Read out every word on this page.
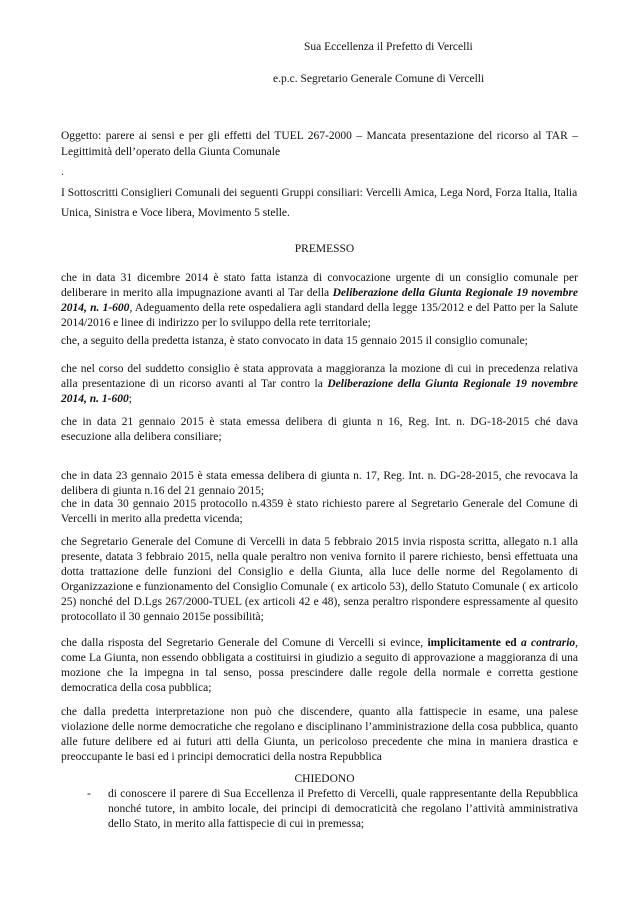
Sua Eccellenza il Prefetto di Vercelli

e.p.c. Segretario Generale Comune di Vercelli

Oggetto: parere ai sensi e per gli effetti del TUEL 267-2000 – Mancata presentazione del ricorso al TAR – Legittimità dell’operato della Giunta Comunale

.

I Sottoscritti Consiglieri Comunali dei seguenti Gruppi consiliari: Vercelli Amica, Lega Nord, Forza Italia, Italia Unica, Sinistra e Voce libera, Movimento 5 stelle.

PREMESSO

che in data 31 dicembre 2014 è stato fatta istanza di convocazione urgente di un consiglio comunale per deliberare in merito alla impugnazione avanti al Tar della Deliberazione della Giunta Regionale 19 novembre 2014, n. 1-600, Adeguamento della rete ospedaliera agli standard della legge 135/2012 e del Patto per la Salute 2014/2016 e linee di indirizzo per lo sviluppo della rete territoriale;

che, a seguito della predetta istanza, è stato convocato in data 15 gennaio 2015 il consiglio comunale;

che nel corso del suddetto consiglio è stata approvata a maggioranza la mozione di cui in precedenza relativa alla presentazione di un ricorso avanti al Tar contro la Deliberazione della Giunta Regionale 19 novembre 2014, n. 1-600;

che in data 21 gennaio 2015 è stata emessa delibera di giunta n 16, Reg. Int. n. DG-18-2015 ché dava esecuzione alla delibera consiliare;

che in data 23 gennaio 2015 è stata emessa delibera di giunta n. 17, Reg. Int. n. DG-28-2015, che revocava la delibera di giunta n.16 del 21 gennaio 2015;

che in data 30 gennaio 2015 protocollo n.4359 è stato richiesto parere al Segretario Generale del Comune di Vercelli in merito alla predetta vicenda;

che Segretario Generale del Comune di Vercelli in data 5 febbraio 2015 invia risposta scritta, allegato n.1 alla presente, datata 3 febbraio 2015, nella quale peraltro non veniva fornito il parere richiesto, bensì effettuata una dotta trattazione delle funzioni del Consiglio e della Giunta, alla luce delle norme del Regolamento di Organizzazione e funzionamento del Consiglio Comunale ( ex articolo 53), dello Statuto Comunale ( ex articolo 25) nonché del D.Lgs 267/2000-TUEL (ex articoli 42 e 48), senza peraltro rispondere espressamente al quesito protocollato il 30 gennaio 2015e possibilità;

che dalla risposta del Segretario Generale del Comune di Vercelli si evince, implicitamente ed a contrario, come La Giunta, non essendo obbligata a costituirsi in giudizio a seguito di approvazione a maggioranza di una mozione che la impegna in tal senso, possa prescindere dalle regole della normale e corretta gestione democratica della cosa pubblica;

che dalla predetta interpretazione non può che discendere, quanto alla fattispecie in esame, una palese violazione delle norme democratiche che regolano e disciplinano l’amministrazione della cosa pubblica, quanto alle future delibere ed ai futuri atti della Giunta, un pericoloso precedente che mina in maniera drastica e preoccupante le basi ed i principi democratici della nostra Repubblica

CHIEDONO

- di conoscere il parere di Sua Eccellenza il Prefetto di Vercelli, quale rappresentante della Repubblica nonché tutore, in ambito locale, dei principi di democraticità che regolano l’attività amministrativa dello Stato, in merito alla fattispecie di cui in premessa;
